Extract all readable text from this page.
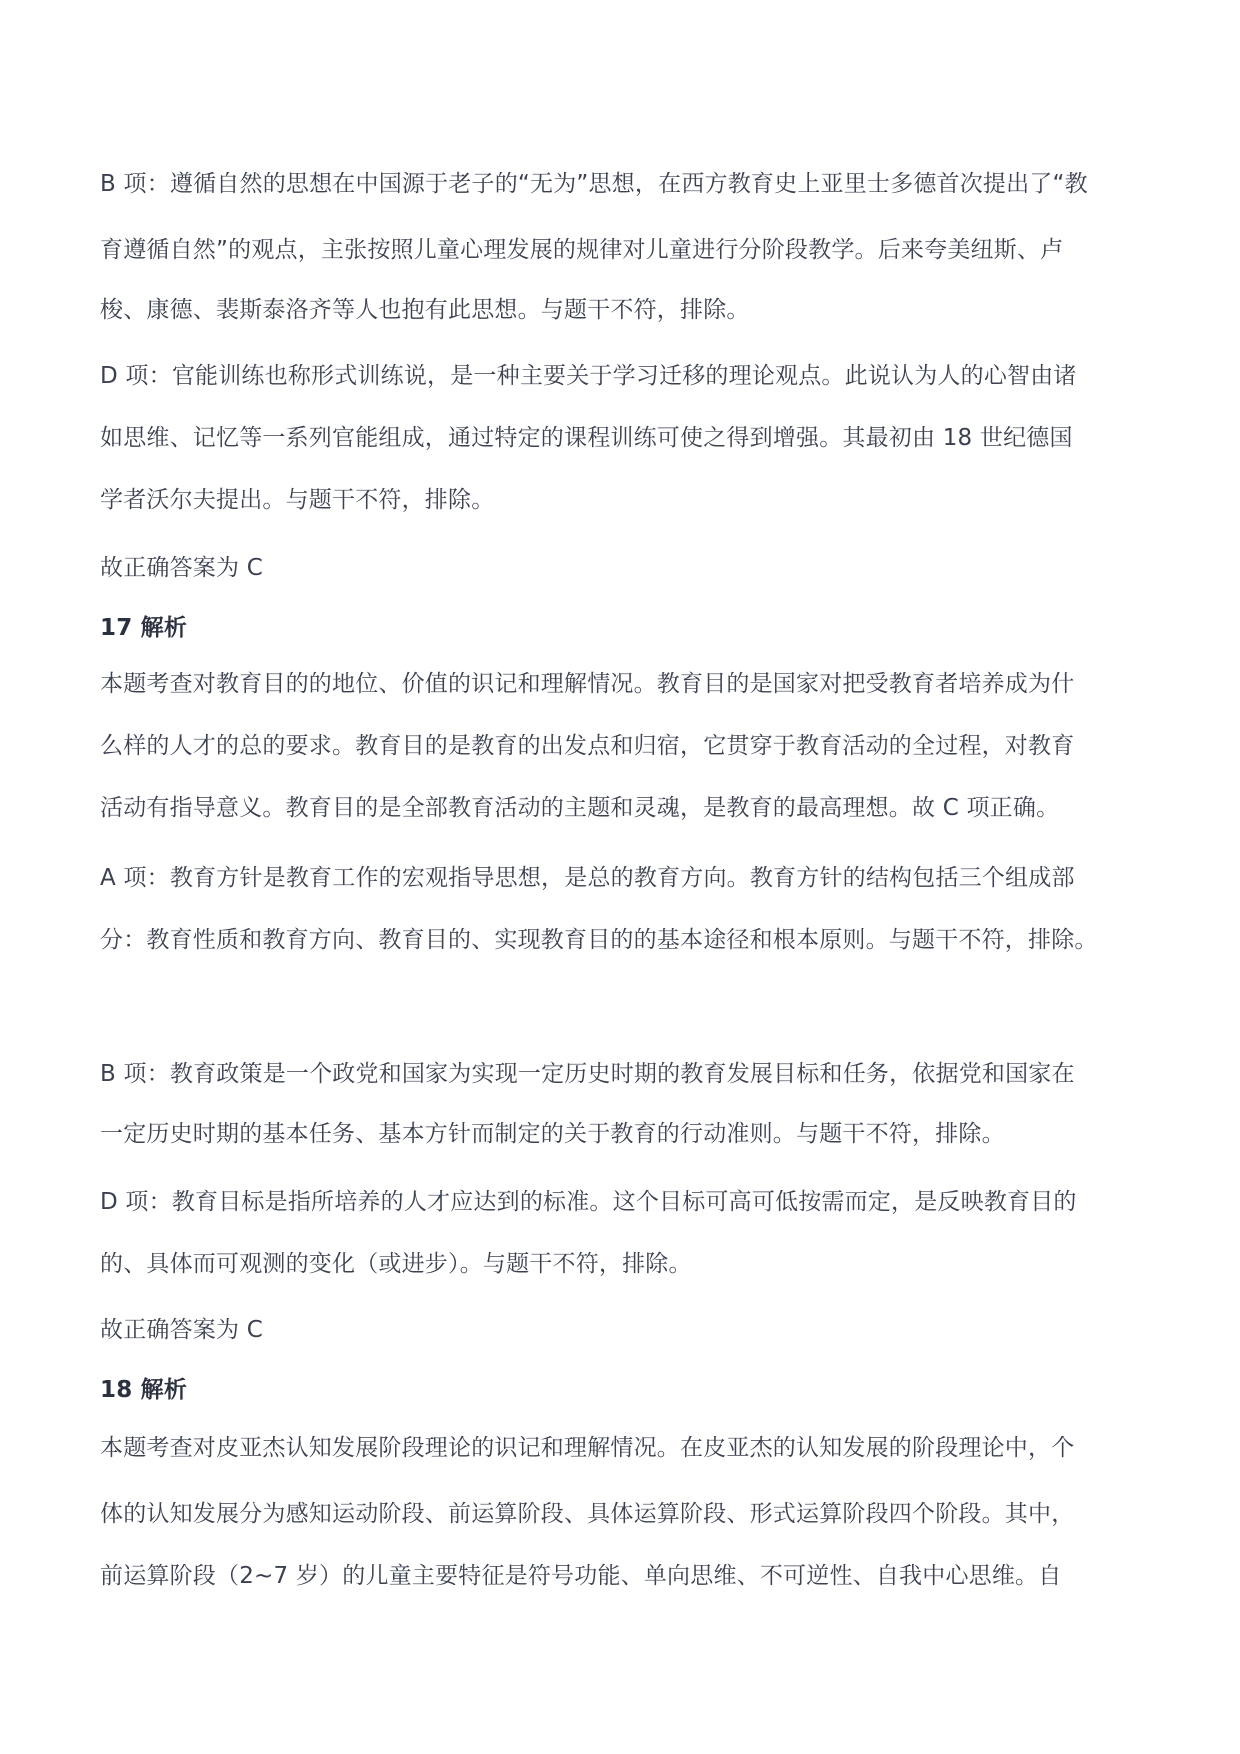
B 项：遵循自然的思想在中国源于老子的“无为”思想，在西方教育史上亚里士多德首次提出了“教

育遵循自然”的观点，主张按照儿童心理发展的规律对儿童进行分阶段教学。后来夸美纽斯、卢

梭、康德、裴斯泰洛齐等人也抱有此思想。与题干不符，排除。

D 项：官能训练也称形式训练说，是一种主要关于学习迁移的理论观点。此说认为人的心智由诸

如思维、记忆等一系列官能组成，通过特定的课程训练可使之得到增强。其最初由 18 世纪德国

学者沃尔夫提出。与题干不符，排除。

故正确答案为 C

17 解析

本题考查对教育目的的地位、价值的识记和理解情况。教育目的是国家对把受教育者培养成为什

么样的人才的总的要求。教育目的是教育的出发点和归宿，它贯穿于教育活动的全过程，对教育

活动有指导意义。教育目的是全部教育活动的主题和灵魂，是教育的最高理想。故 C 项正确。

A 项：教育方针是教育工作的宏观指导思想，是总的教育方向。教育方针的结构包括三个组成部

分：教育性质和教育方向、教育目的、实现教育目的的基本途径和根本原则。与题干不符，排除。

B 项：教育政策是一个政党和国家为实现一定历史时期的教育发展目标和任务，依据党和国家在

一定历史时期的基本任务、基本方针而制定的关于教育的行动准则。与题干不符，排除。

D 项：教育目标是指所培养的人才应达到的标准。这个目标可高可低按需而定，是反映教育目的

的、具体而可观测的变化（或进步）。与题干不符，排除。

故正确答案为 C

18 解析

本题考查对皮亚杰认知发展阶段理论的识记和理解情况。在皮亚杰的认知发展的阶段理论中，个

体的认知发展分为感知运动阶段、前运算阶段、具体运算阶段、形式运算阶段四个阶段。其中，

前运算阶段（2~7 岁）的儿童主要特征是符号功能、单向思维、不可逆性、自我中心思维。自
